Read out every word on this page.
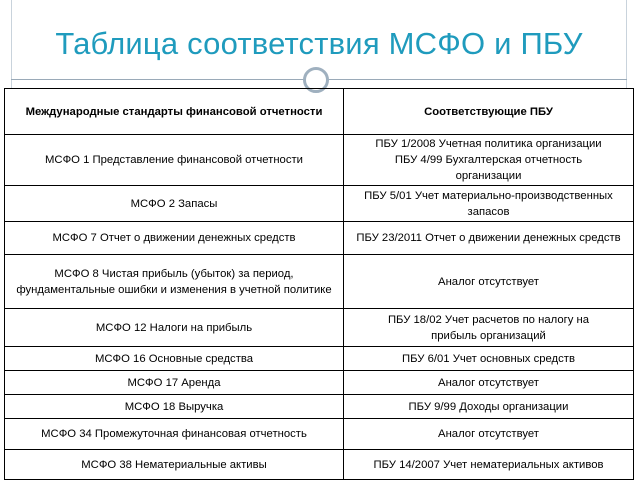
Таблица соответствия МСФО и ПБУ
Международные стандарты финансовой отчетности	Соответствующие ПБУ
МСФО 1 Представление финансовой отчетности	ПБУ 1/2008 Учетная политика организации ПБУ 4/99 Бухгалтерская отчетность организации
МСФО 2 Запасы	ПБУ 5/01 Учет материально-производственных запасов
МСФО 7 Отчет о движении денежных средств	ПБУ 23/2011 Отчет о движении денежных средств
МСФО 8 Чистая прибыль (убыток) за период, фундаментальные ошибки и изменения в учетной политике	Аналог отсутствует
МСФО 12 Налоги на прибыль	ПБУ 18/02 Учет расчетов по налогу на прибыль организаций
МСФО 16 Основные средства	ПБУ 6/01 Учет основных средств
МСФО 17 Аренда	Аналог отсутствует
МСФО 18 Выручка	ПБУ 9/99 Доходы организации
МСФО 34 Промежуточная финансовая отчетность	Аналог отсутствует
МСФО 38 Нематериальные активы	ПБУ 14/2007 Учет нематериальных активов
